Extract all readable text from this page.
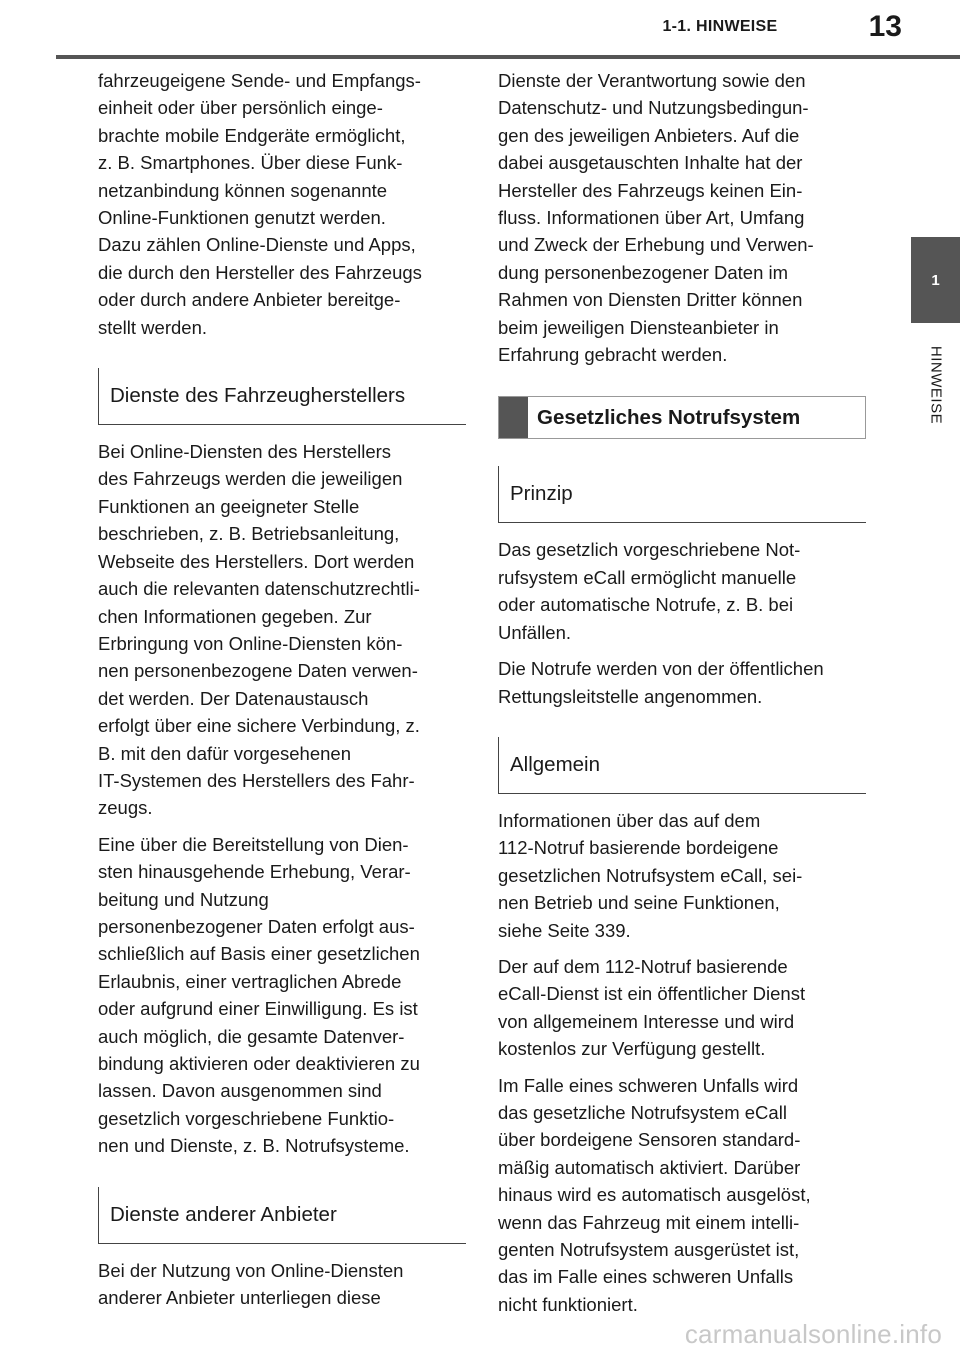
1-1. HINWEISE	13
1
HINWEISE

fahrzeugeigene Sende- und Empfangs-
einheit oder über persönlich einge-
brachte mobile Endgeräte ermöglicht,
z. B. Smartphones. Über diese Funk-
netzanbindung können sogenannte
Online-Funktionen genutzt werden.
Dazu zählen Online-Dienste und Apps,
die durch den Hersteller des Fahrzeugs
oder durch andere Anbieter bereitge-
stellt werden.

Dienste des Fahrzeugherstellers

Bei Online-Diensten des Herstellers
des Fahrzeugs werden die jeweiligen
Funktionen an geeigneter Stelle
beschrieben, z. B. Betriebsanleitung,
Webseite des Herstellers. Dort werden
auch die relevanten datenschutzrechtli-
chen Informationen gegeben. Zur
Erbringung von Online-Diensten kön-
nen personenbezogene Daten verwen-
det werden. Der Datenaustausch
erfolgt über eine sichere Verbindung, z.
B. mit den dafür vorgesehenen
IT-Systemen des Herstellers des Fahr-
zeugs.

Eine über die Bereitstellung von Dien-
sten hinausgehende Erhebung, Verar-
beitung und Nutzung
personenbezogener Daten erfolgt aus-
schließlich auf Basis einer gesetzlichen
Erlaubnis, einer vertraglichen Abrede
oder aufgrund einer Einwilligung. Es ist
auch möglich, die gesamte Datenver-
bindung aktivieren oder deaktivieren zu
lassen. Davon ausgenommen sind
gesetzlich vorgeschriebene Funktio-
nen und Dienste, z. B. Notrufsysteme.

Dienste anderer Anbieter

Bei der Nutzung von Online-Diensten
anderer Anbieter unterliegen diese

Dienste der Verantwortung sowie den
Datenschutz- und Nutzungsbedingun-
gen des jeweiligen Anbieters. Auf die
dabei ausgetauschten Inhalte hat der
Hersteller des Fahrzeugs keinen Ein-
fluss. Informationen über Art, Umfang
und Zweck der Erhebung und Verwen-
dung personenbezogener Daten im
Rahmen von Diensten Dritter können
beim jeweiligen Diensteanbieter in
Erfahrung gebracht werden.

Gesetzliches Notrufsystem
Prinzip

Das gesetzlich vorgeschriebene Not-
rufsystem eCall ermöglicht manuelle
oder automatische Notrufe, z. B. bei
Unfällen.

Die Notrufe werden von der öffentlichen
Rettungsleitstelle angenommen.

Allgemein

Informationen über das auf dem
112-Notruf basierende bordeigene
gesetzlichen Notrufsystem eCall, sei-
nen Betrieb und seine Funktionen,
siehe Seite 339.

Der auf dem 112-Notruf basierende
eCall-Dienst ist ein öffentlicher Dienst
von allgemeinem Interesse und wird
kostenlos zur Verfügung gestellt.

Im Falle eines schweren Unfalls wird
das gesetzliche Notrufsystem eCall
über bordeigene Sensoren standard-
mäßig automatisch aktiviert. Darüber
hinaus wird es automatisch ausgelöst,
wenn das Fahrzeug mit einem intelli-
genten Notrufsystem ausgerüstet ist,
das im Falle eines schweren Unfalls
nicht funktioniert.

carmanualsonline.info
